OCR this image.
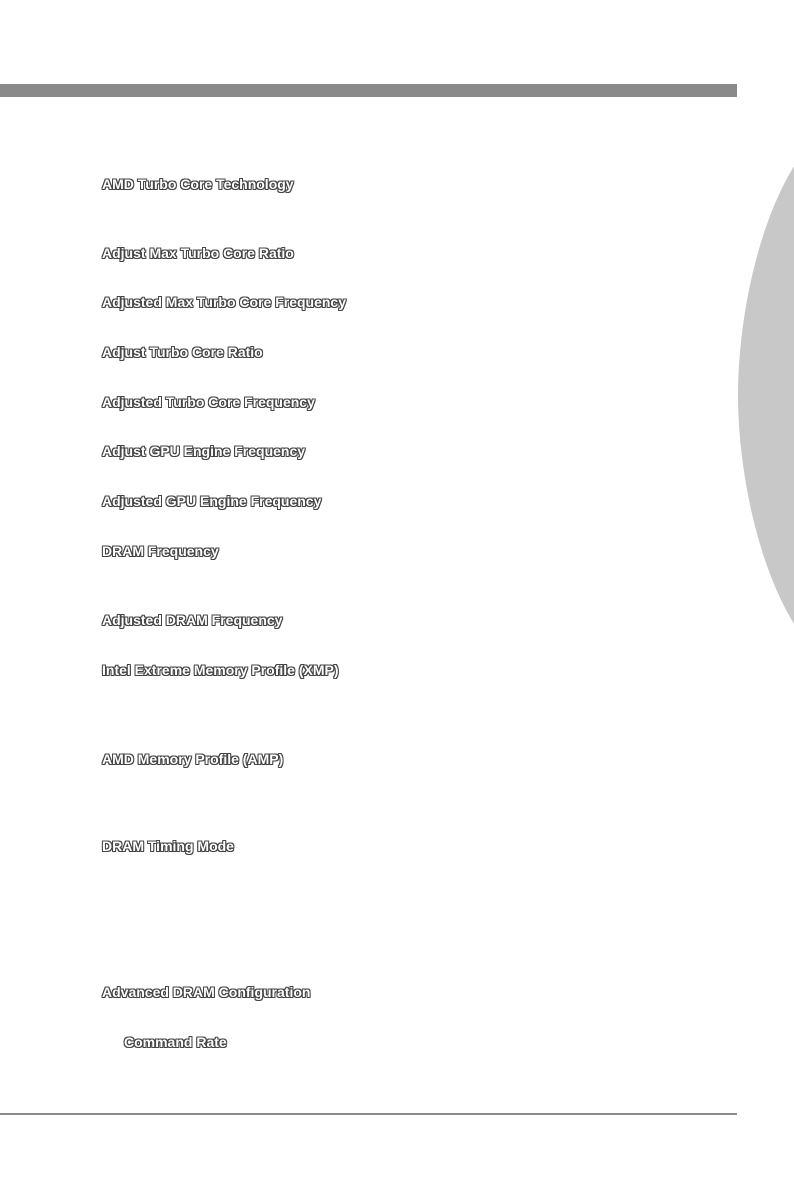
AMD Turbo Core Technology
Adjust Max Turbo Core Ratio
Adjusted Max Turbo Core Frequency
Adjust Turbo Core Ratio
Adjusted Turbo Core Frequency
Adjust GPU Engine Frequency
Adjusted GPU Engine Frequency
DRAM Frequency
Adjusted DRAM Frequency
Intel Extreme Memory Profile (XMP)
AMD Memory Profile (AMP)
DRAM Timing Mode
Advanced DRAM Configuration
Command Rate
